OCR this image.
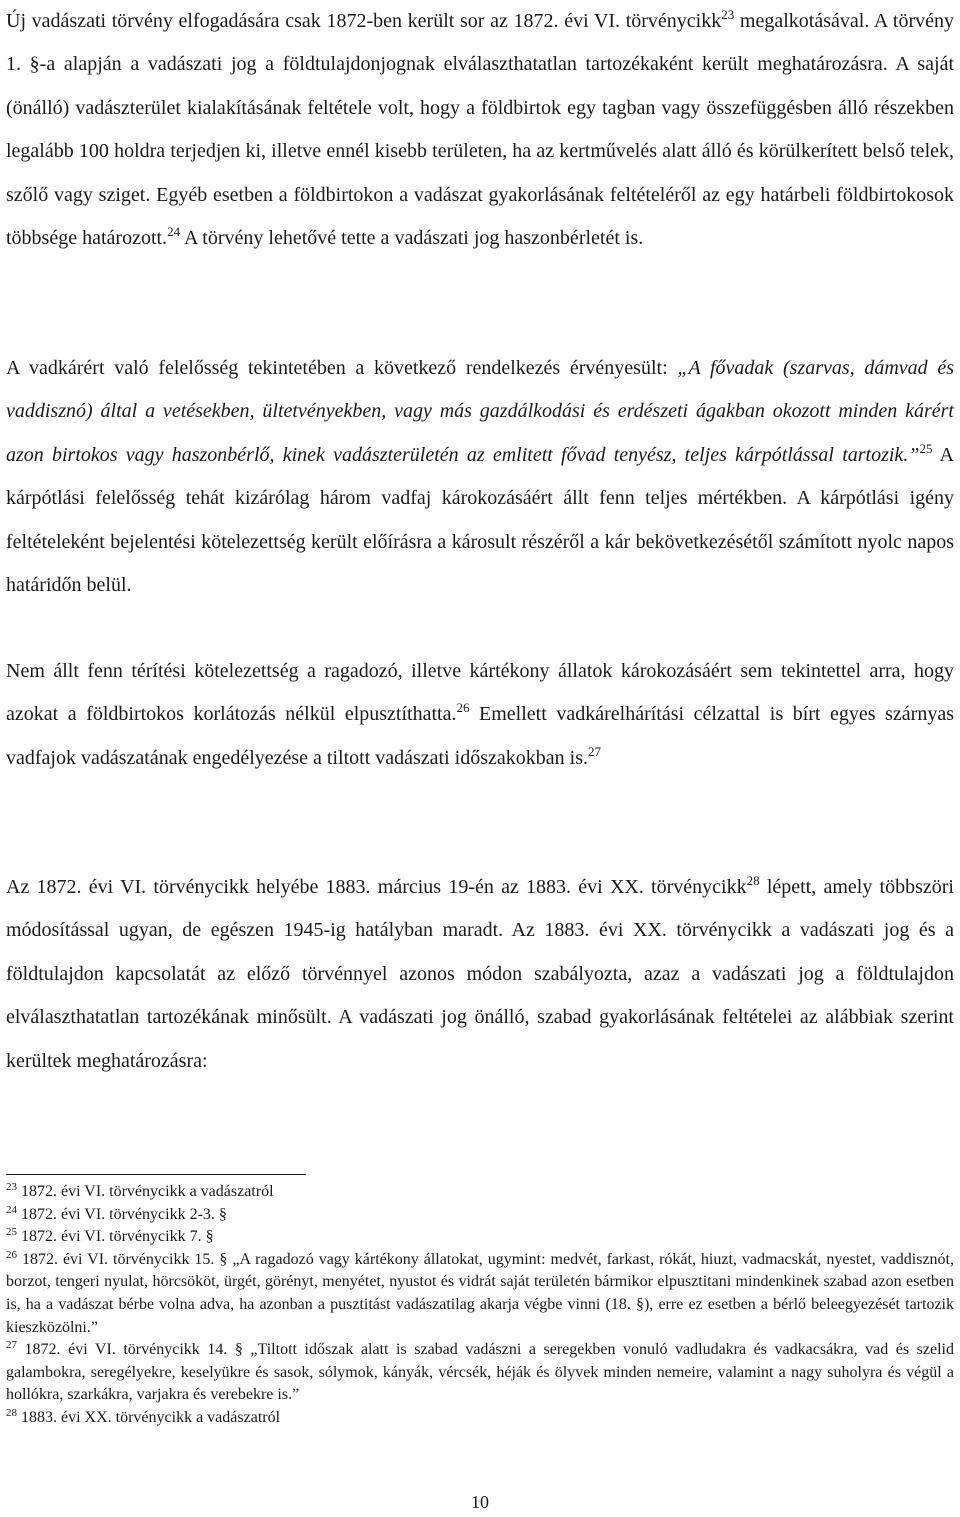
Új vadászati törvény elfogadására csak 1872-ben került sor az 1872. évi VI. törvénycikk$^{23}$ megalkotásával. A törvény 1. §-a alapján a vadászati jog a földtulajdonjognak elválaszthatatlan tartozékaként került meghatározásra. A saját (önálló) vadászterület kialakításának feltétele volt, hogy a földbirtok egy tagban vagy összefüggésben álló részekben legalább 100 holdra terjedjen ki, illetve ennél kisebb területen, ha az kertművelés alatt álló és körülkerített belső telek, szőlő vagy sziget. Egyéb esetben a földbirtokon a vadászat gyakorlásának feltételéről az egy határbeli földbirtokosok többsége határozott.$^{24}$ A törvény lehetővé tette a vadászati jog haszonbérletét is.

A vadkárért való felelősség tekintetében a következő rendelkezés érvényesült: „A fővadak (szarvas, dámvad és vaddisznó) által a vetésekben, ültetvényekben, vagy más gazdálkodási és erdészeti ágakban okozott minden kárért azon birtokos vagy haszonbérlő, kinek vadászterületén az emlitett fővad tenyész, teljes kárpótlással tartozik.”$^{25}$ A kárpótlási felelősség tehát kizárólag három vadfaj károkozásáért állt fenn teljes mértékben. A kárpótlási igény feltételeként bejelentési kötelezettség került előírásra a károsult részéről a kár bekövetkezésétől számított nyolc napos határidőn belül.

Nem állt fenn térítési kötelezettség a ragadozó, illetve kártékony állatok károkozásáért sem tekintettel arra, hogy azokat a földbirtokos korlátozás nélkül elpusztíthatta.$^{26}$ Emellett vadkárelhárítási célzattal is bírt egyes szárnyas vadfajok vadászatának engedélyezése a tiltott vadászati időszakokban is.$^{27}$

Az 1872. évi VI. törvénycikk helyébe 1883. március 19-én az 1883. évi XX. törvénycikk$^{28}$ lépett, amely többszöri módosítással ugyan, de egészen 1945-ig hatályban maradt. Az 1883. évi XX. törvénycikk a vadászati jog és a földtulajdon kapcsolatát az előző törvénnyel azonos módon szabályozta, azaz a vadászati jog a földtulajdon elválaszthatatlan tartozékának minősült. A vadászati jog önálló, szabad gyakorlásának feltételei az alábbiak szerint kerültek meghatározásra:

$^{23}$ 1872. évi VI. törvénycikk a vadászatról

$^{24}$ 1872. évi VI. törvénycikk 2-3. §

$^{25}$ 1872. évi VI. törvénycikk 7. §

$^{26}$ 1872. évi VI. törvénycikk 15. § „A ragadozó vagy kártékony állatokat, ugymint: medvét, farkast, rókát, hiuzt, vadmacskát, nyestet, vaddisznót, borzot, tengeri nyulat, hörcsököt, ürgét, görényt, menyétet, nyustot és vidrát saját területén bármikor elpusztitani mindenkinek szabad azon esetben is, ha a vadászat bérbe volna adva, ha azonban a pusztitást vadászatilag akarja végbe vinni (18. §), erre ez esetben a bérlő beleegyezését tartozik kieszközölni.”

$^{27}$ 1872. évi VI. törvénycikk 14. § „Tiltott időszak alatt is szabad vadászni a seregekben vonuló vadludakra és vadkacsákra, vad és szelid galambokra, seregélyekre, keselyükre és sasok, sólymok, kányák, vércsék, héják és ölyvek minden nemeire, valamint a nagy suholyra és végül a hollókra, szarkákra, varjakra és verebekre is.”

$^{28}$ 1883. évi XX. törvénycikk a vadászatról

10
